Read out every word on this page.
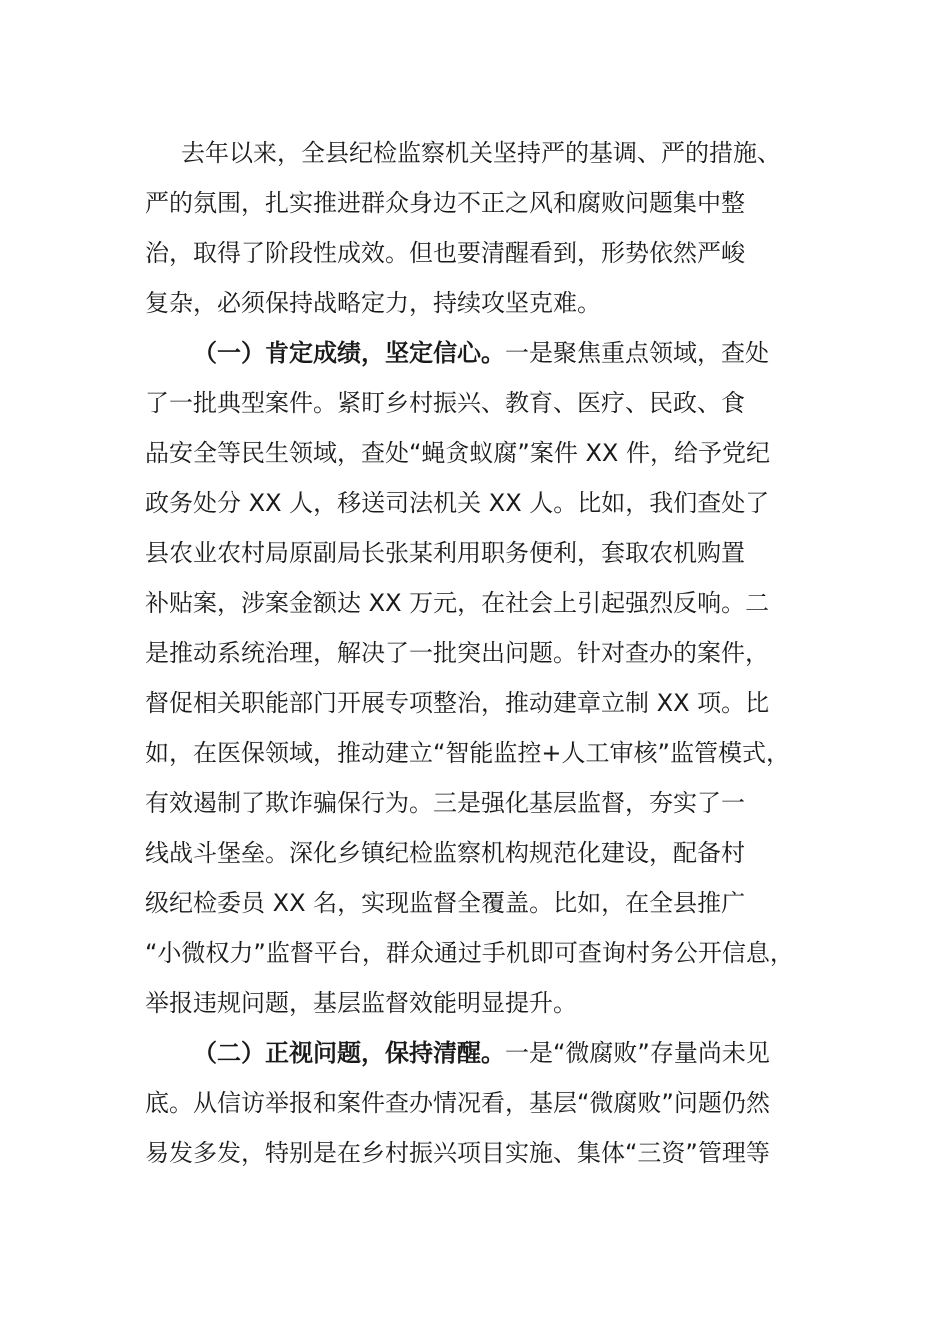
去年以来，全县纪检监察机关坚持严的基调、严的措施、
严的氛围，扎实推进群众身边不正之风和腐败问题集中整
治，取得了阶段性成效。但也要清醒看到，形势依然严峻
复杂，必须保持战略定力，持续攻坚克难。
（一）肯定成绩，坚定信心。一是聚焦重点领域，查处
了一批典型案件。紧盯乡村振兴、教育、医疗、民政、食
品安全等民生领域，查处“蝇贪蚁腐”案件 XX 件，给予党纪
政务处分 XX 人，移送司法机关 XX 人。比如，我们查处了
县农业农村局原副局长张某利用职务便利，套取农机购置
补贴案，涉案金额达 XX 万元，在社会上引起强烈反响。二
是推动系统治理，解决了一批突出问题。针对查办的案件，
督促相关职能部门开展专项整治，推动建章立制 XX 项。比
如，在医保领域，推动建立“智能监控+人工审核”监管模式，
有效遏制了欺诈骗保行为。三是强化基层监督，夯实了一
线战斗堡垒。深化乡镇纪检监察机构规范化建设，配备村
级纪检委员 XX 名，实现监督全覆盖。比如，在全县推广
“小微权力”监督平台，群众通过手机即可查询村务公开信息，
举报违规问题，基层监督效能明显提升。
（二）正视问题，保持清醒。一是“微腐败”存量尚未见
底。从信访举报和案件查办情况看，基层“微腐败”问题仍然
易发多发，特别是在乡村振兴项目实施、集体“三资”管理等
